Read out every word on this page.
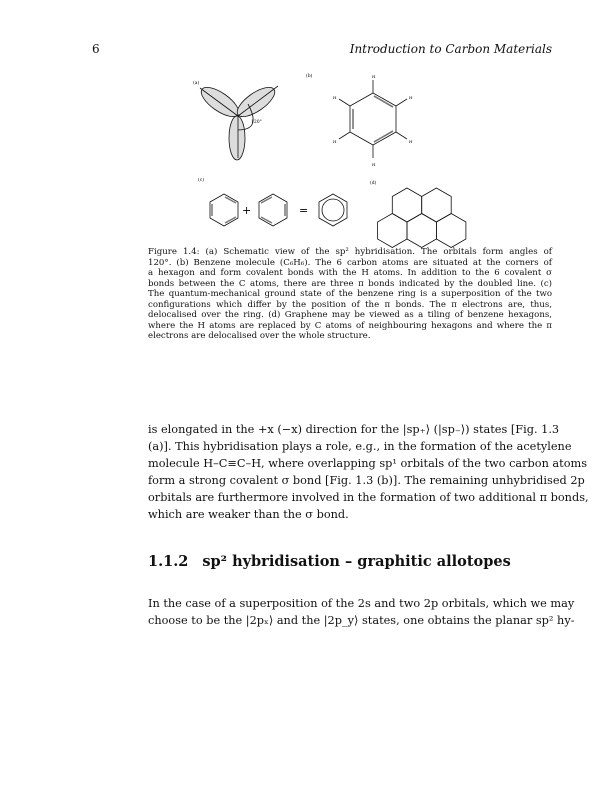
6	Introduction to Carbon Materials
(a)
120°
(b)	H
H
H
H
H
H
(c)
+	=
(d)
Figure 1.4: (a) Schematic view of the sp² hybridisation. The orbitals form angles of
120°. (b) Benzene molecule (C₆H₆). The 6 carbon atoms are situated at the corners of
a hexagon and form covalent bonds with the H atoms. In addition to the 6 covalent σ
bonds between the C atoms, there are three π bonds indicated by the doubled line. (c)
The quantum-mechanical ground state of the benzene ring is a superposition of the two
configurations which differ by the position of the π bonds. The π electrons are, thus,
delocalised over the ring. (d) Graphene may be viewed as a tiling of benzene hexagons,
where the H atoms are replaced by C atoms of neighbouring hexagons and where the π
electrons are delocalised over the whole structure.
is elongated in the +x (−x) direction for the |sp₊⟩ (|sp₋⟩) states [Fig. 1.3
(a)]. This hybridisation plays a role, e.g., in the formation of the acetylene
molecule H–C≡C–H, where overlapping sp¹ orbitals of the two carbon atoms
form a strong covalent σ bond [Fig. 1.3 (b)]. The remaining unhybridised 2p
orbitals are furthermore involved in the formation of two additional π bonds,
which are weaker than the σ bond.
1.1.2 sp² hybridisation – graphitic allotopes
In the case of a superposition of the 2s and two 2p orbitals, which we may
choose to be the |2pₓ⟩ and the |2p_y⟩ states, one obtains the planar sp² hy-
